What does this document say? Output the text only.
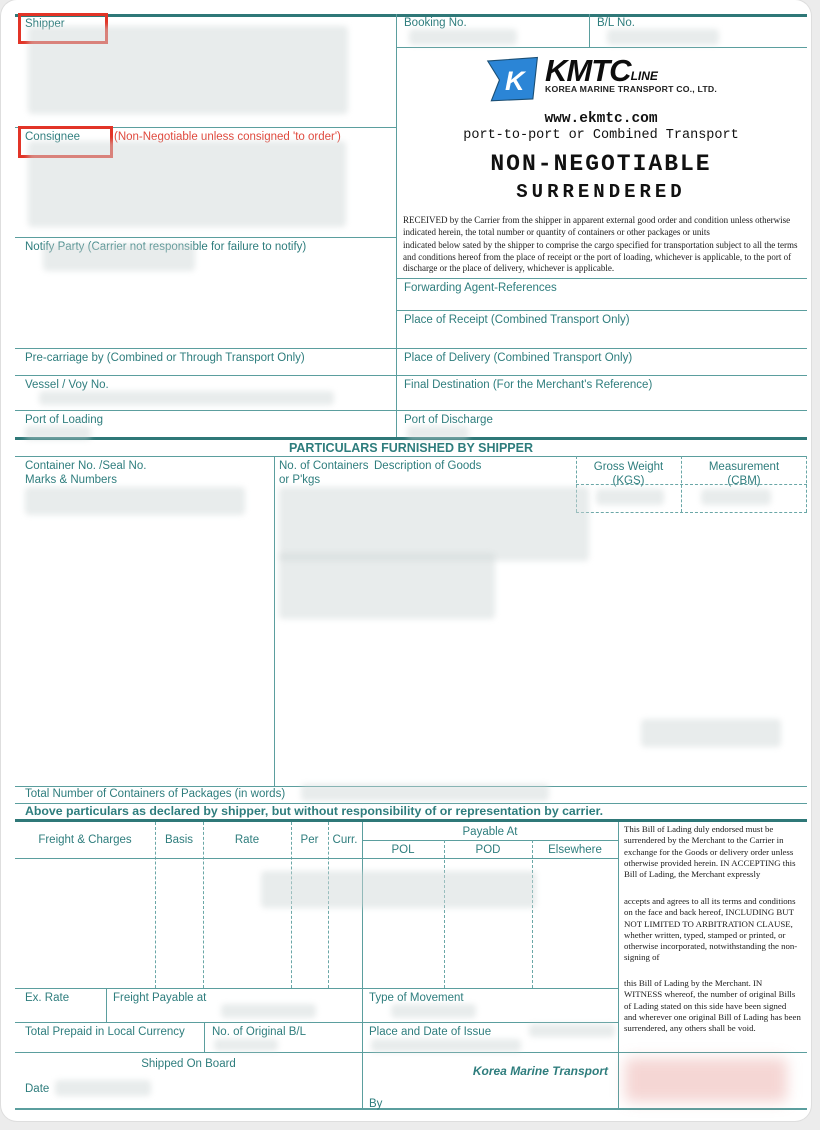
Shipper
Consignee	(Non-Negotiable unless consigned 'to order')
Notify Party (Carrier not responsible for failure to notify)
Booking No.	B/L No.
K KMTC LINE
KOREA MARINE TRANSPORT CO., LTD.
www.ekmtc.com
port-to-port or Combined Transport
NON-NEGOTIABLE
SURRENDERED
RECEIVED by the Carrier from the shipper in apparent external good order and condition unless otherwise indicated herein, the total number or quantity of containers or other packages or units
indicated below sated by the shipper to comprise the cargo specified for transportation subject to all the terms and conditions hereof from the place of receipt or the port of loading, whichever is applicable, to the port of discharge or the place of delivery, whichever is applicable.
Forwarding Agent-References
Place of Receipt (Combined Transport Only)
Pre-carriage by (Combined or Through Transport Only)	Place of Delivery (Combined Transport Only)
Vessel / Voy No.	Final Destination (For the Merchant's Reference)
Port of Loading	Port of Discharge
PARTICULARS FURNISHED BY SHIPPER
Container No. /Seal No.
Marks & Numbers
No. of Containers
or P'kgs
Description of Goods	Gross Weight
(KGS)
Measurement
(CBM)
Total Number of Containers of Packages (in words)
Above particulars as declared by shipper, but without responsibility of or representation by carrier.
Freight & Charges	Basis	Rate	Per	Curr.
Payable At
POL	POD	Elsewhere
This Bill of Lading duly endorsed must be surrendered by the Merchant to the Carrier in exchange for the Goods or delivery order unless otherwise provided herein. IN ACCEPTING this Bill of Lading, the Merchant expressly
accepts and agrees to all its terms and conditions on the face and back hereof, INCLUDING BUT NOT LIMITED TO ARBITRATION CLAUSE, whether written, typed, stamped or printed, or otherwise incorporated, notwithstanding the non-signing of
this Bill of Lading by the Merchant. IN WITNESS whereof, the number of original Bills of Lading stated on this side have been signed and wherever one original Bill of Lading has been surrendered, any others shall be void.
Ex. Rate	Freight Payable at	Type of Movement
Total Prepaid in Local Currency No. of Original B/L	Place and Date of Issue
Shipped On Board
Date
Korea Marine Transport
By
